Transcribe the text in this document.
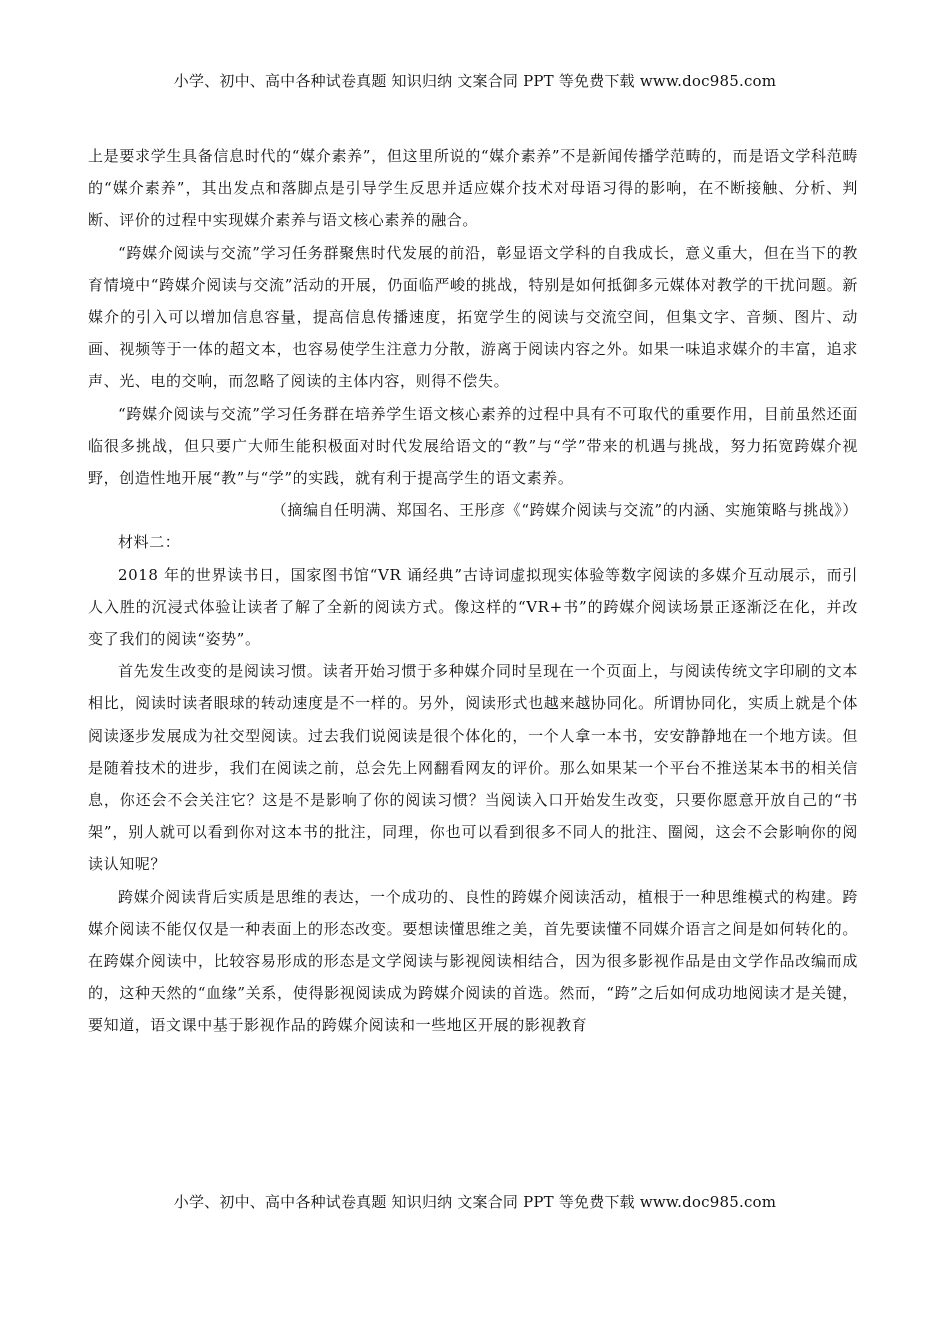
小学、初中、高中各种试卷真题 知识归纳 文案合同 PPT 等免费下载 www.doc985.com

上是要求学生具备信息时代的“媒介素养”，但这里所说的“媒介素养”不是新闻传播学范畴的，而是语文学科范畴的“媒介素养”，其出发点和落脚点是引导学生反思并适应媒介技术对母语习得的影响，在不断接触、分析、判断、评价的过程中实现媒介素养与语文核心素养的融合。

“跨媒介阅读与交流”学习任务群聚焦时代发展的前沿，彰显语文学科的自我成长，意义重大，但在当下的教育情境中“跨媒介阅读与交流”活动的开展，仍面临严峻的挑战，特别是如何抵御多元媒体对教学的干扰问题。新媒介的引入可以增加信息容量，提高信息传播速度，拓宽学生的阅读与交流空间，但集文字、音频、图片、动画、视频等于一体的超文本，也容易使学生注意力分散，游离于阅读内容之外。如果一味追求媒介的丰富，追求声、光、电的交响，而忽略了阅读的主体内容，则得不偿失。

“跨媒介阅读与交流”学习任务群在培养学生语文核心素养的过程中具有不可取代的重要作用，目前虽然还面临很多挑战，但只要广大师生能积极面对时代发展给语文的“教”与“学”带来的机遇与挑战，努力拓宽跨媒介视野，创造性地开展“教”与“学”的实践，就有利于提高学生的语文素养。

（摘编自任明满、郑国名、王彤彦《“跨媒介阅读与交流”的内涵、实施策略与挑战》）

材料二：

2018 年的世界读书日，国家图书馆“VR 诵经典”古诗词虚拟现实体验等数字阅读的多媒介互动展示，而引人入胜的沉浸式体验让读者了解了全新的阅读方式。像这样的“VR+书”的跨媒介阅读场景正逐渐泛在化，并改变了我们的阅读“姿势”。

首先发生改变的是阅读习惯。读者开始习惯于多种媒介同时呈现在一个页面上，与阅读传统文字印刷的文本相比，阅读时读者眼球的转动速度是不一样的。另外，阅读形式也越来越协同化。所谓协同化，实质上就是个体阅读逐步发展成为社交型阅读。过去我们说阅读是很个体化的，一个人拿一本书，安安静静地在一个地方读。但是随着技术的进步，我们在阅读之前，总会先上网翻看网友的评价。那么如果某一个平台不推送某本书的相关信息，你还会不会关注它？这是不是影响了你的阅读习惯？当阅读入口开始发生改变，只要你愿意开放自己的“书架”，别人就可以看到你对这本书的批注，同理，你也可以看到很多不同人的批注、圈阅，这会不会影响你的阅读认知呢？

跨媒介阅读背后实质是思维的表达，一个成功的、良性的跨媒介阅读活动，植根于一种思维模式的构建。跨媒介阅读不能仅仅是一种表面上的形态改变。要想读懂思维之美，首先要读懂不同媒介语言之间是如何转化的。在跨媒介阅读中，比较容易形成的形态是文学阅读与影视阅读相结合，因为很多影视作品是由文学作品改编而成的，这种天然的“血缘”关系，使得影视阅读成为跨媒介阅读的首选。然而，“跨”之后如何成功地阅读才是关键，要知道，语文课中基于影视作品的跨媒介阅读和一些地区开展的影视教育

小学、初中、高中各种试卷真题 知识归纳 文案合同 PPT 等免费下载 www.doc985.com
